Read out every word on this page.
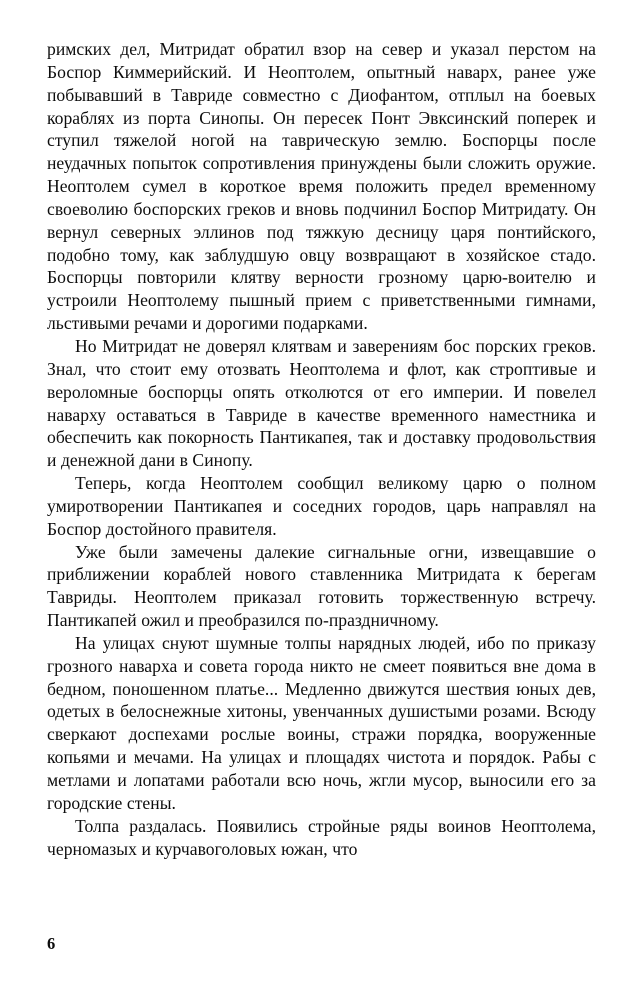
римских дел, Митридат обратил взор на север и указал перстом на Боспор Киммерийский. И Неоптолем, опытный наварх, ранее уже побывавший в Тавриде совместно с Диофантом, отплыл на боевых кораблях из порта Синопы. Он пересек Понт Эвксинский поперек и ступил тяжелой ногой на таврическую землю. Боспорцы после неудачных попыток сопротивления принуждены были сложить оружие. Неоптолем сумел в короткое время положить предел временному своеволию боспорских греков и вновь подчинил Боспор Митридату. Он вернул северных эллинов под тяжкую десницу царя понтийского, подобно тому, как заблудшую овцу возвращают в хозяйское стадо. Боспорцы повторили клятву верности грозному царю-воителю и устроили Неоптолему пышный прием с приветственными гимнами, льстивыми речами и дорогими подарками.

Но Митридат не доверял клятвам и заверениям бос порских греков. Знал, что стоит ему отозвать Неоптолема и флот, как строптивые и вероломные боспорцы опять отколются от его империи. И повелел наварху оставаться в Тавриде в качестве временного наместника и обеспечить как покорность Пантикапея, так и доставку продовольствия и денежной дани в Синопу.

Теперь, когда Неоптолем сообщил великому царю о полном умиротворении Пантикапея и соседних городов, царь направлял на Боспор достойного правителя.

Уже были замечены далекие сигнальные огни, извещавшие о приближении кораблей нового ставленника Митридата к берегам Тавриды. Неоптолем приказал готовить торжественную встречу. Пантикапей ожил и преобразился по-праздничному.

На улицах снуют шумные толпы нарядных людей, ибо по приказу грозного наварха и совета города никто не смеет появиться вне дома в бедном, поношенном платье... Медленно движутся шествия юных дев, одетых в белоснежные хитоны, увенчанных душистыми розами. Всюду сверкают доспехами рослые воины, стражи порядка, вооруженные копьями и мечами. На улицах и площадях чистота и порядок. Рабы с метлами и лопатами работали всю ночь, жгли мусор, выносили его за городские стены.

Толпа раздалась. Появились стройные ряды воинов Неоптолема, черномазых и курчавоголовых южан, что

6
